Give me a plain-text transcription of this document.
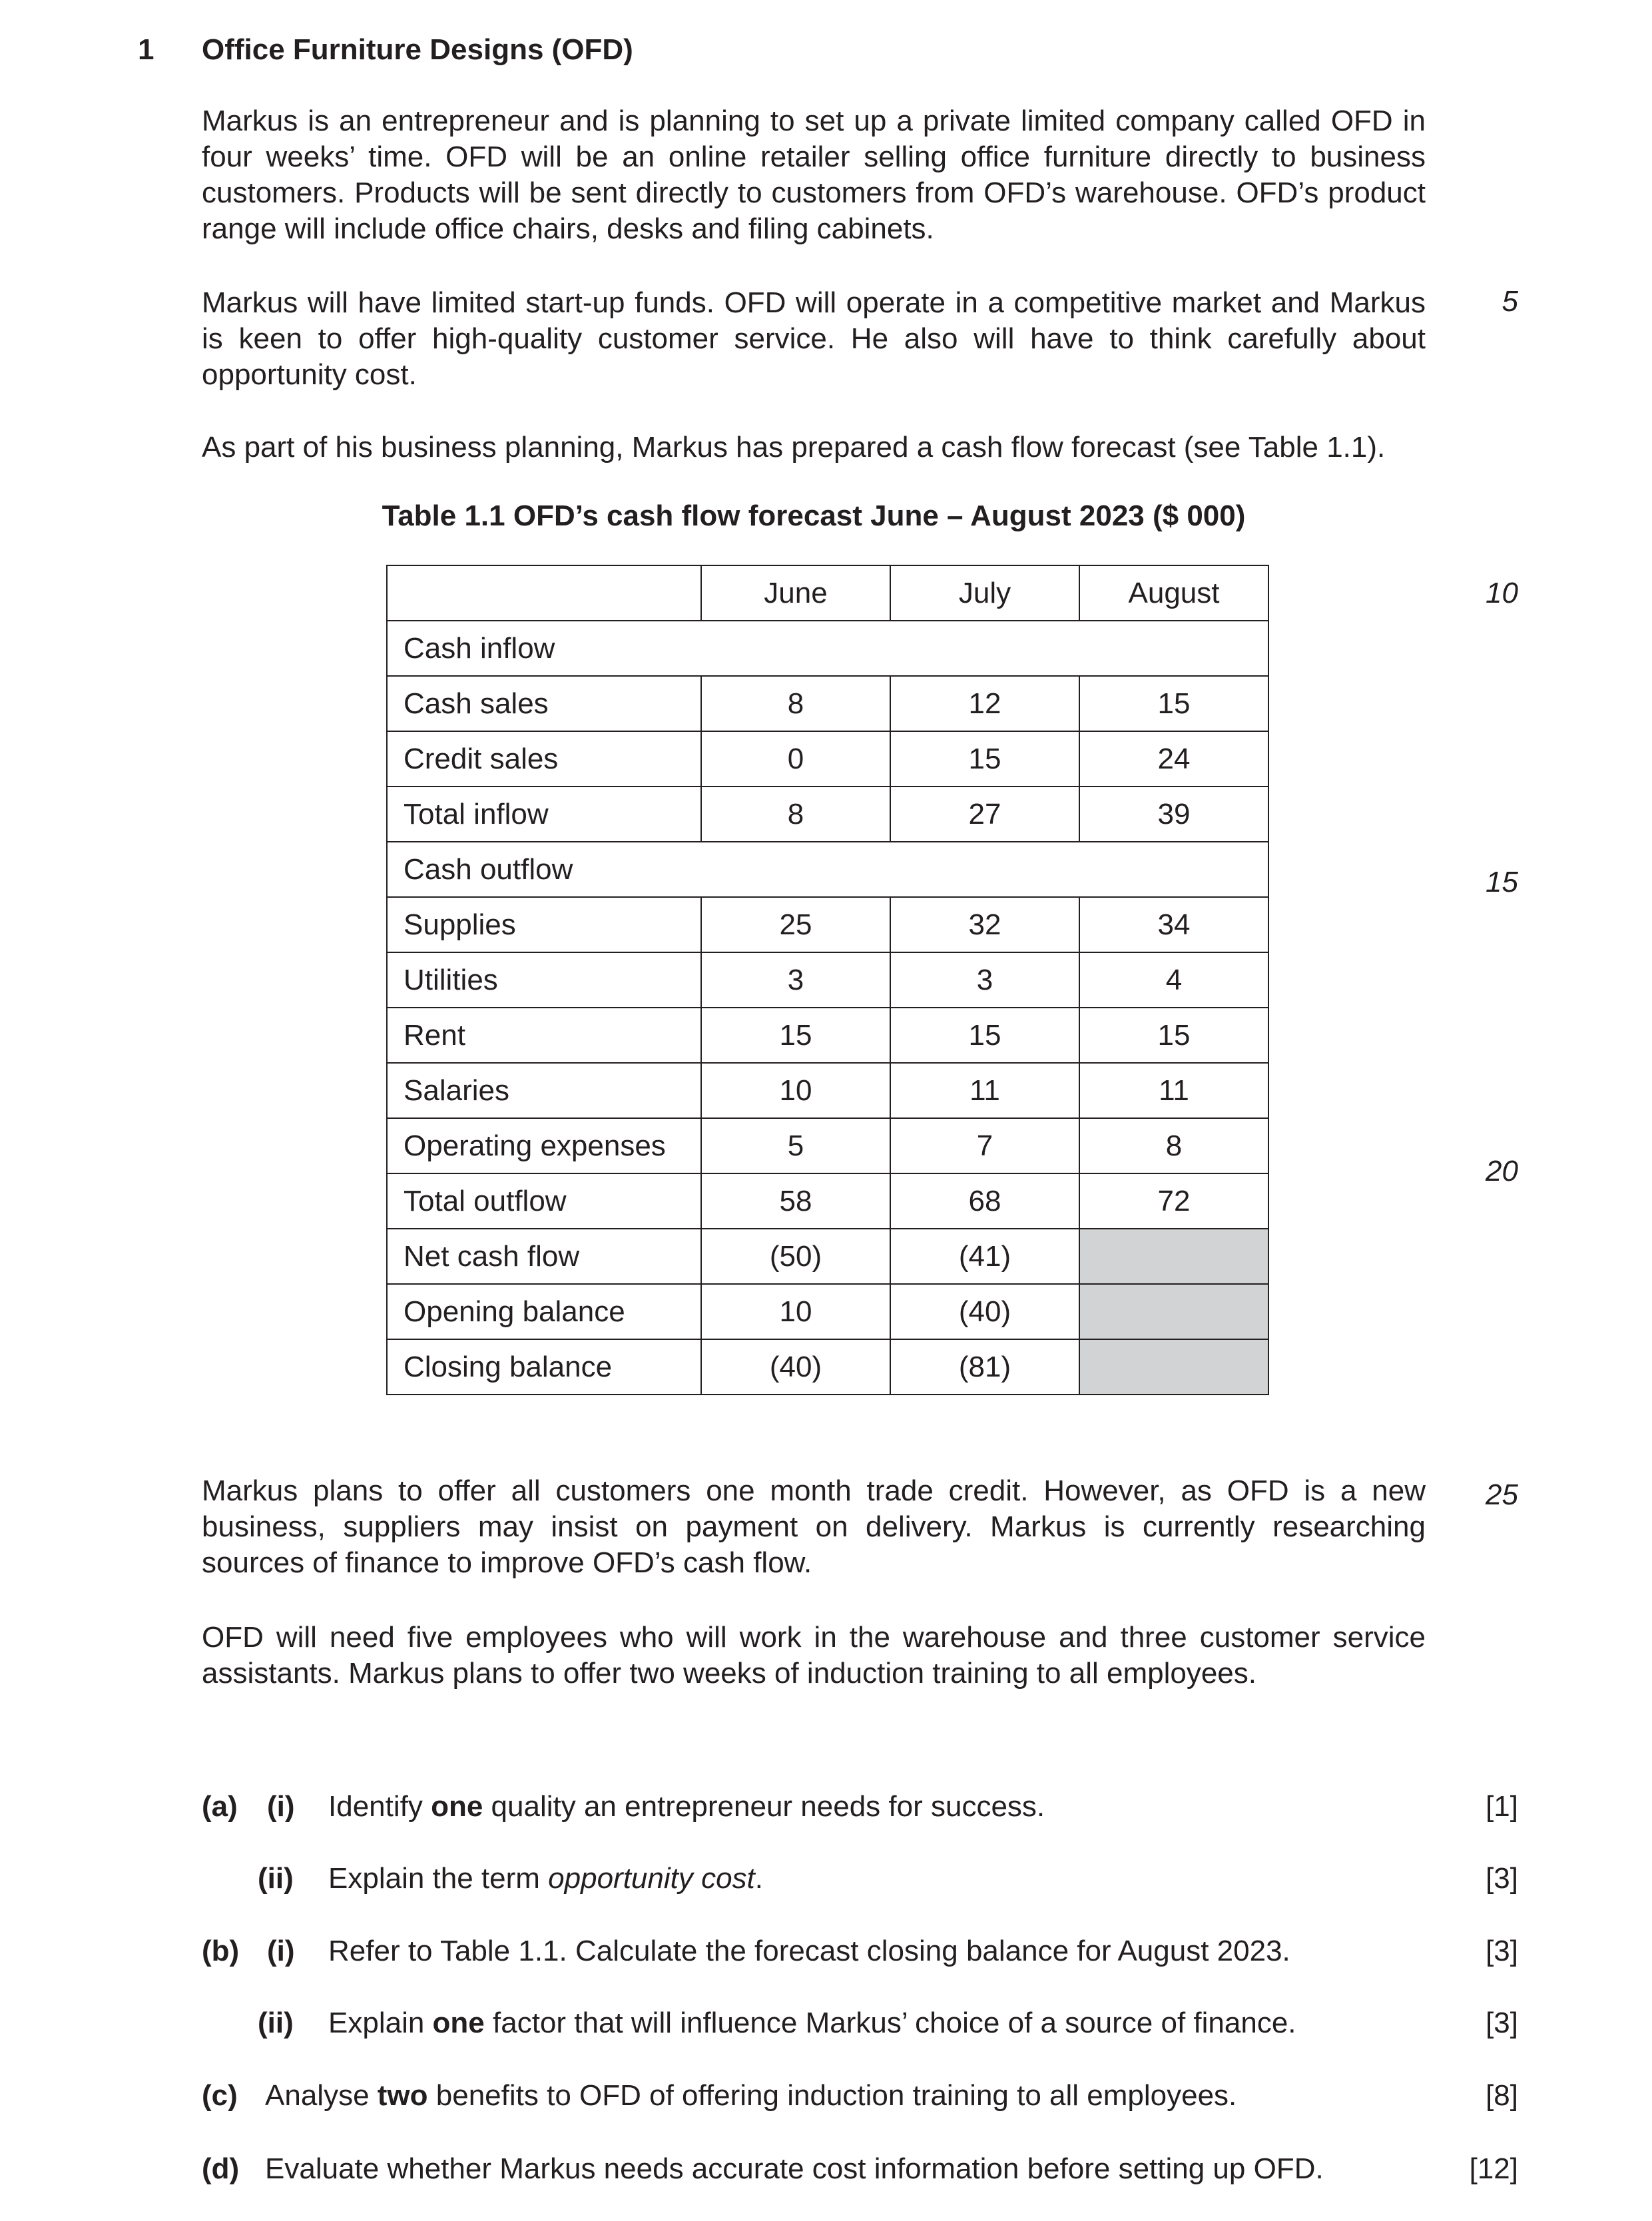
1 Office Furniture Designs (OFD)
Markus is an entrepreneur and is planning to set up a private limited company called OFD in four weeks’ time. OFD will be an online retailer selling office furniture directly to business customers. Products will be sent directly to customers from OFD’s warehouse. OFD’s product range will include office chairs, desks and filing cabinets.
Markus will have limited start-up funds. OFD will operate in a competitive market and Markus is keen to offer high-quality customer service. He also will have to think carefully about opportunity cost.
As part of his business planning, Markus has prepared a cash flow forecast (see Table 1.1).
5
10
15
20
25
Table 1.1 OFD’s cash flow forecast June – August 2023 ($ 000)
	June	July	August
Cash inflow			
Cash sales	8	12	15
Credit sales	0	15	24
Total inflow	8	27	39
Cash outflow			
Supplies	25	32	34
Utilities	3	3	4
Rent	15	15	15
Salaries	10	11	11
Operating expenses	5	7	8
Total outflow	58	68	72
Net cash flow	(50)	(41)	
Opening balance	10	(40)	
Closing balance	(40)	(81)	
Markus plans to offer all customers one month trade credit. However, as OFD is a new business, suppliers may insist on payment on delivery. Markus is currently researching sources of finance to improve OFD’s cash flow.
OFD will need five employees who will work in the warehouse and three customer service assistants. Markus plans to offer two weeks of induction training to all employees.
(a) (i) Identify one quality an entrepreneur needs for success.	[1]
(ii) Explain the term opportunity cost.	[3]
(b) (i) Refer to Table 1.1. Calculate the forecast closing balance for August 2023.	[3]
(ii) Explain one factor that will influence Markus’ choice of a source of finance.	[3]
(c) Analyse two benefits to OFD of offering induction training to all employees.	[8]
(d) Evaluate whether Markus needs accurate cost information before setting up OFD.	[12]
